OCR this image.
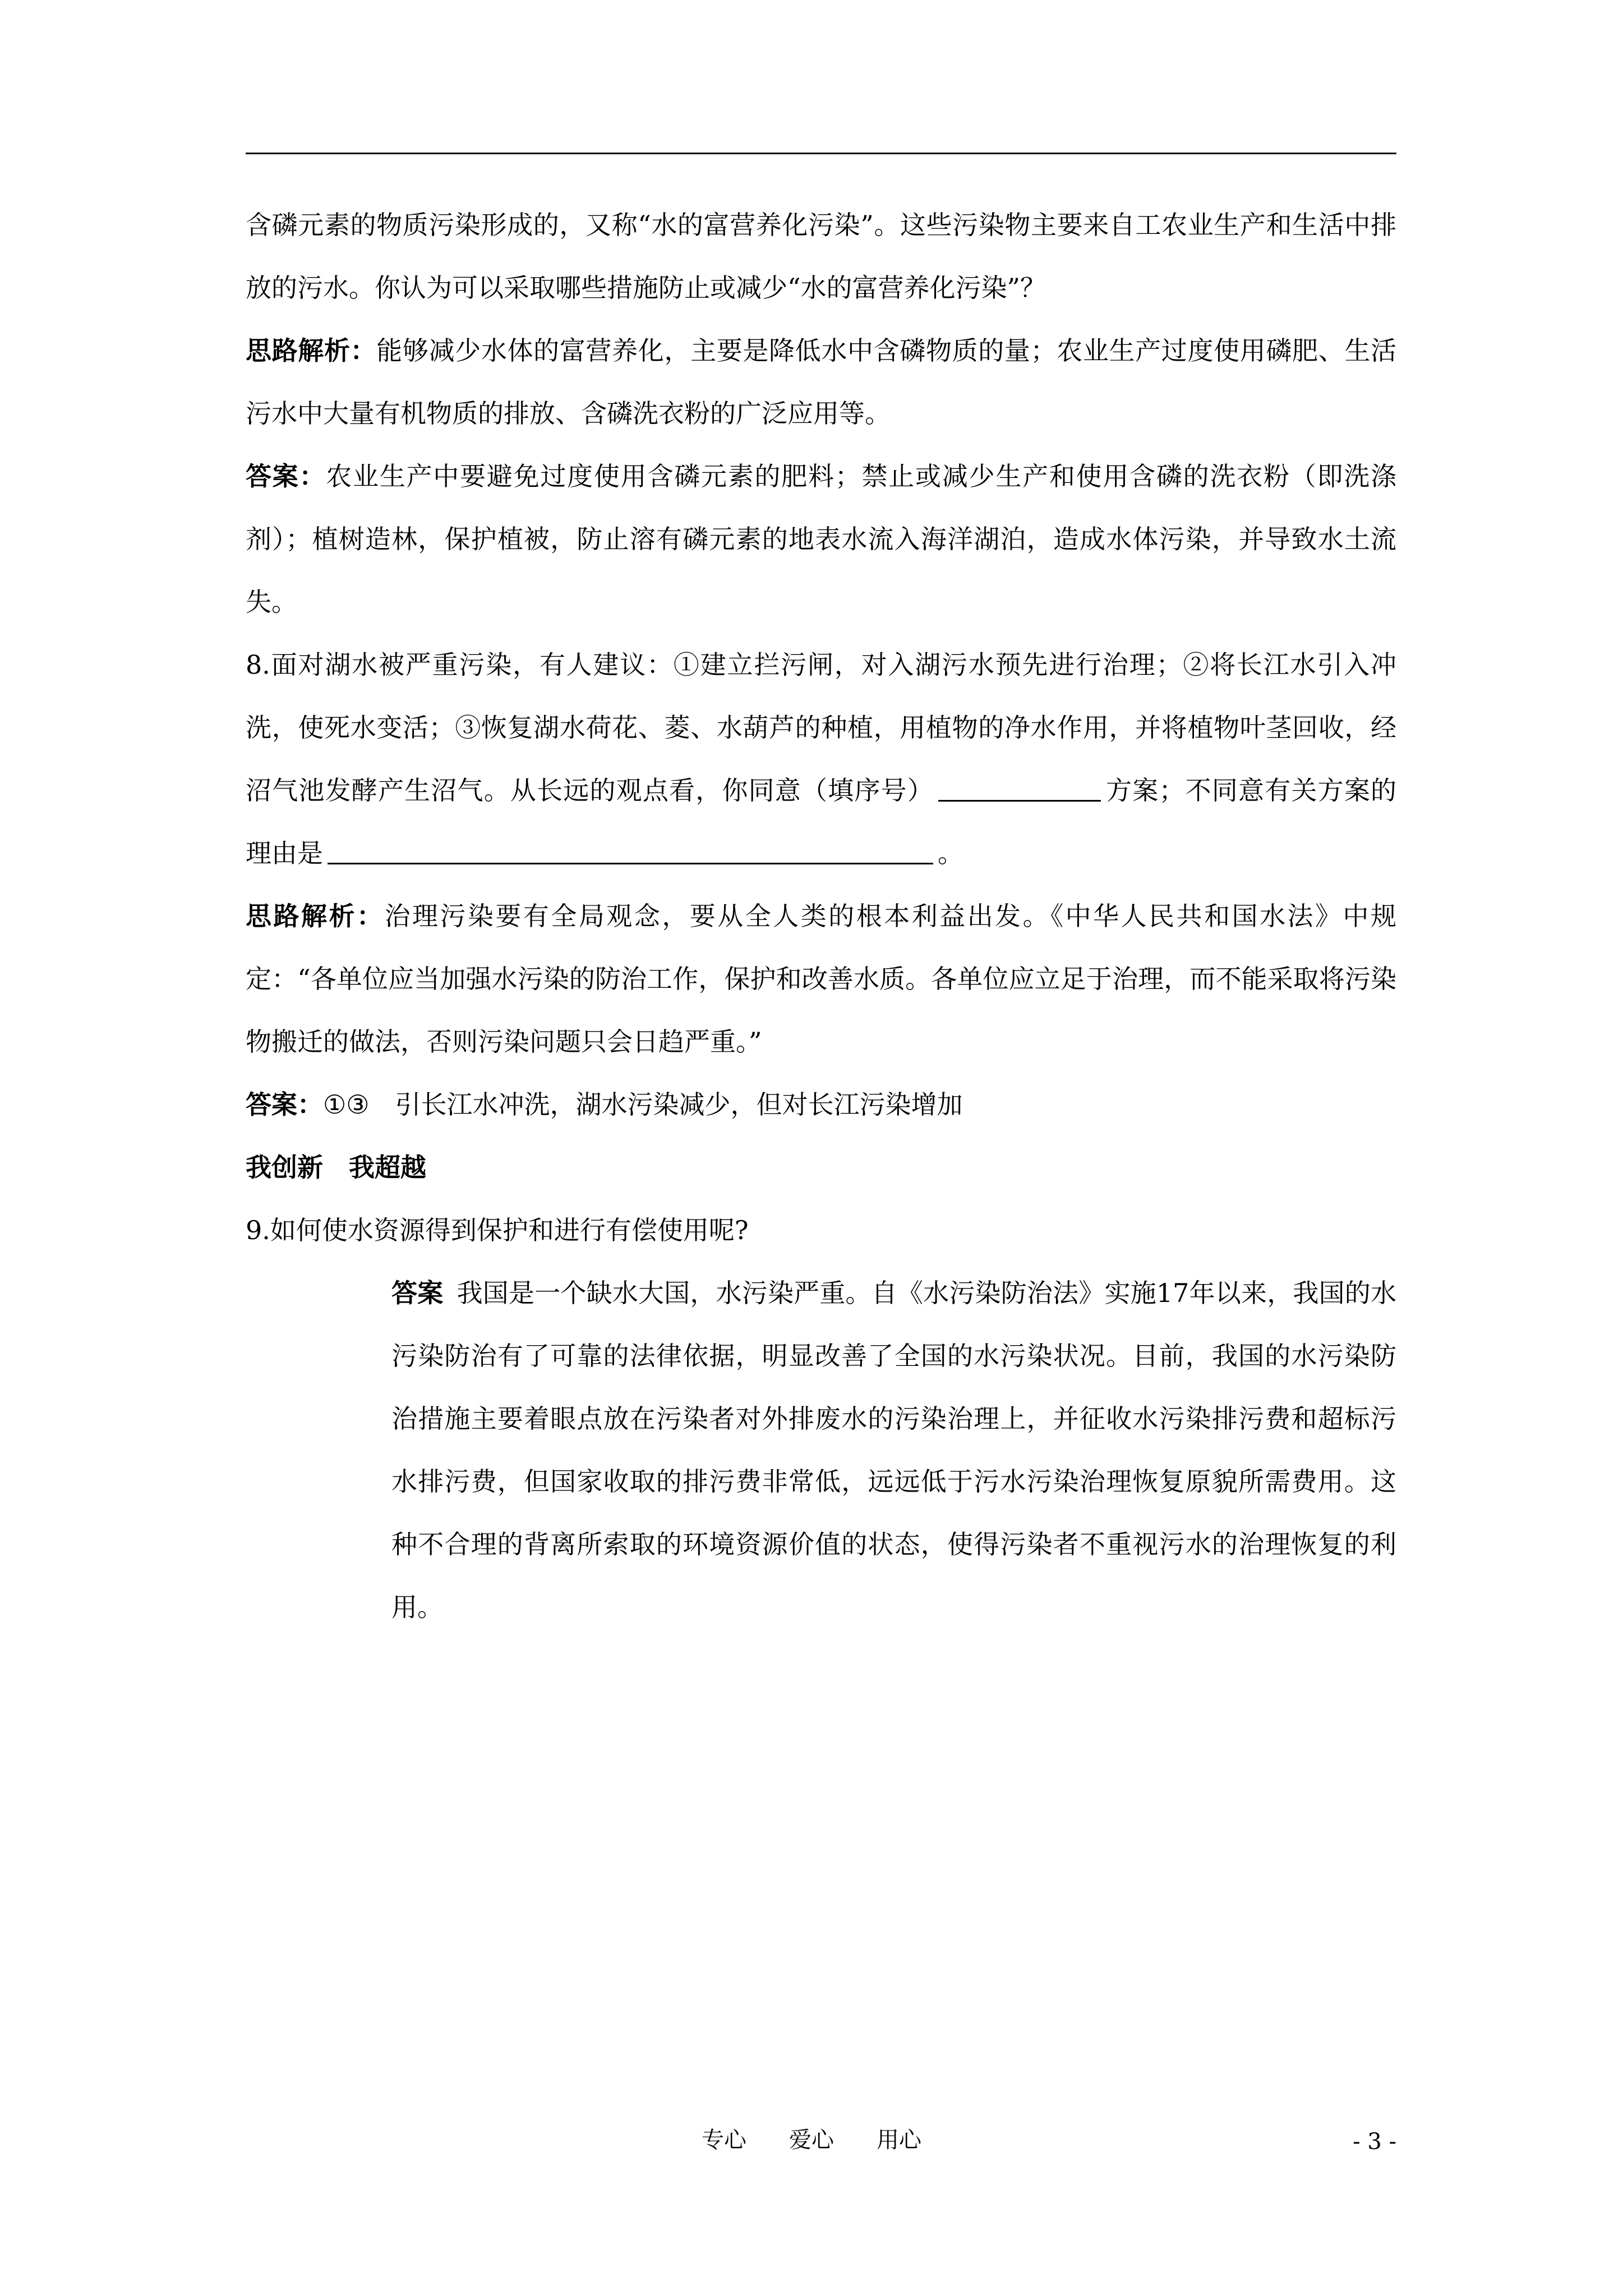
含磷元素的物质污染形成的，又称“水的富营养化污染”。这些污染物主要来自工农业生产和生活中排放的污水。你认为可以采取哪些措施防止或减少“水的富营养化污染”？

思路解析：能够减少水体的富营养化，主要是降低水中含磷物质的量；农业生产过度使用磷肥、生活污水中大量有机物质的排放、含磷洗衣粉的广泛应用等。

答案：农业生产中要避免过度使用含磷元素的肥料；禁止或减少生产和使用含磷的洗衣粉（即洗涤剂）；植树造林，保护植被，防止溶有磷元素的地表水流入海洋湖泊，造成水体污染，并导致水土流失。

8.面对湖水被严重污染，有人建议：①建立拦污闸，对入湖污水预先进行治理；②将长江水引入冲洗，使死水变活；③恢复湖水荷花、菱、水葫芦的种植，用植物的净水作用，并将植物叶茎回收，经沼气池发酵产生沼气。从长远的观点看，你同意（填序号）	方案；不同意有关方案的理由是	。

思路解析：治理污染要有全局观念，要从全人类的根本利益出发。《中华人民共和国水法》中规定：“各单位应当加强水污染的防治工作，保护和改善水质。各单位应立足于治理，而不能采取将污染物搬迁的做法，否则污染问题只会日趋严重。”

答案：①③ 引长江水冲洗，湖水污染减少，但对长江污染增加

我创新　我超越

9.如何使水资源得到保护和进行有偿使用呢?

答案 我国是一个缺水大国，水污染严重。自《水污染防治法》实施17年以来，我国的水污染防治有了可靠的法律依据，明显改善了全国的水污染状况。目前，我国的水污染防治措施主要着眼点放在污染者对外排废水的污染治理上，并征收水污染排污费和超标污水排污费，但国家收取的排污费非常低，远远低于污水污染治理恢复原貌所需费用。这种不合理的背离所索取的环境资源价值的状态，使得污染者不重视污水的治理恢复的利用。

专心 爱心 用心	- 3 -
